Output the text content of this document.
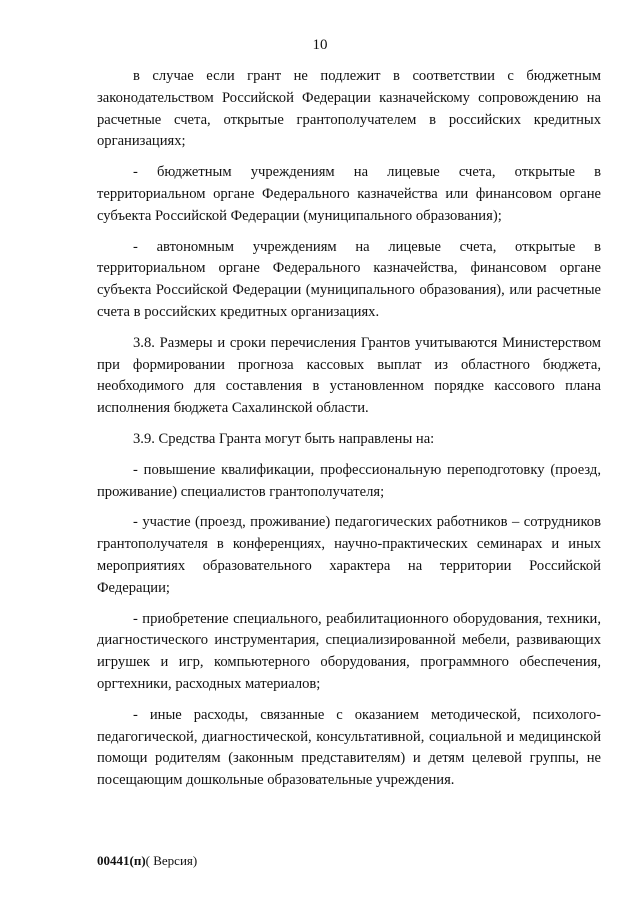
10

в случае если грант не подлежит в соответствии с бюджетным законодательством Российской Федерации казначейскому сопровождению на расчетные счета, открытые грантополучателем в российских кредитных организациях;

- бюджетным учреждениям на лицевые счета, открытые в территориальном органе Федерального казначейства или финансовом органе субъекта Российской Федерации (муниципального образования);

- автономным учреждениям на лицевые счета, открытые в территориальном органе Федерального казначейства, финансовом органе субъекта Российской Федерации (муниципального образования), или расчетные счета в российских кредитных организациях.

3.8. Размеры и сроки перечисления Грантов учитываются Министерством при формировании прогноза кассовых выплат из областного бюджета, необходимого для составления в установленном порядке кассового плана исполнения бюджета Сахалинской области.

3.9. Средства Гранта могут быть направлены на:

- повышение квалификации, профессиональную переподготовку (проезд, проживание) специалистов грантополучателя;

- участие (проезд, проживание) педагогических работников – сотрудников грантополучателя в конференциях, научно-практических семинарах и иных мероприятиях образовательного характера на территории Российской Федерации;

- приобретение специального, реабилитационного оборудования, техники, диагностического инструментария, специализированной мебели, развивающих игрушек и игр, компьютерного оборудования, программного обеспечения, оргтехники, расходных материалов;

- иные расходы, связанные с оказанием методической, психолого-педагогической, диагностической, консультативной, социальной и медицинской помощи родителям (законным представителям) и детям целевой группы, не посещающим дошкольные образовательные учреждения.

00441(п)( Версия)
